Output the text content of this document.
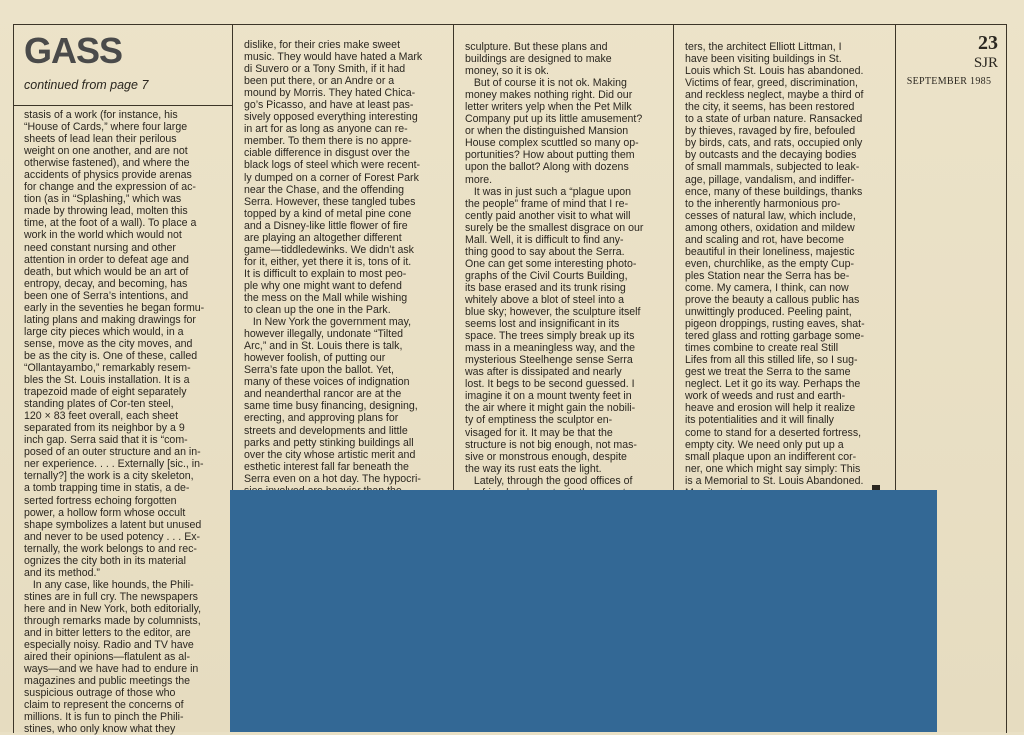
GASS
continued from page 7
stasis of a work (for instance, his
“House of Cards,” where four large
sheets of lead lean their perilous
weight on one another, and are not
otherwise fastened), and where the
accidents of physics provide arenas
for change and the expression of ac-
tion (as in “Splashing,” which was
made by throwing lead, molten this
time, at the foot of a wall). To place a
work in the world which would not
need constant nursing and other
attention in order to defeat age and
death, but which would be an art of
entropy, decay, and becoming, has
been one of Serra’s intentions, and
early in the seventies he began formu-
lating plans and making drawings for
large city pieces which would, in a
sense, move as the city moves, and
be as the city is. One of these, called
“Ollantayambo,” remarkably resem-
bles the St. Louis installation. It is a
trapezoid made of eight separately
standing plates of Cor-ten steel,
120 × 83 feet overall, each sheet
separated from its neighbor by a 9
inch gap. Serra said that it is “com-
posed of an outer structure and an in-
ner experience. . . . Externally [sic., in-
ternally?] the work is a city skeleton,
a tomb trapping time in statis, a de-
serted fortress echoing forgotten
power, a hollow form whose occult
shape symbolizes a latent but unused
and never to be used potency . . . Ex-
ternally, the work belongs to and rec-
ognizes the city both in its material
and its method.”
In any case, like hounds, the Phili-
stines are in full cry. The newspapers
here and in New York, both editorially,
through remarks made by columnists,
and in bitter letters to the editor, are
especially noisy. Radio and TV have
aired their opinions—flatulent as al-
ways—and we have had to endure in
magazines and public meetings the
suspicious outrage of those who
claim to represent the concerns of
millions. It is fun to pinch the Phili-
stines, who only know what they
dislike, for their cries make sweet
music. They would have hated a Mark
di Suvero or a Tony Smith, if it had
been put there, or an Andre or a
mound by Morris. They hated Chica-
go’s Picasso, and have at least pas-
sively opposed everything interesting
in art for as long as anyone can re-
member. To them there is no appre-
ciable difference in disgust over the
black logs of steel which were recent-
ly dumped on a corner of Forest Park
near the Chase, and the offending
Serra. However, these tangled tubes
topped by a kind of metal pine cone
and a Disney-like little flower of fire
are playing an altogether different
game—tiddledewinks. We didn’t ask
for it, either, yet there it is, tons of it.
It is difficult to explain to most peo-
ple why one might want to defend
the mess on the Mall while wishing
to clean up the one in the Park.
In New York the government may,
however illegally, undonate “Tilted
Arc,” and in St. Louis there is talk,
however foolish, of putting our
Serra’s fate upon the ballot. Yet,
many of these voices of indignation
and neanderthal rancor are at the
same time busy financing, designing,
erecting, and approving plans for
streets and developments and little
parks and petty stinking buildings all
over the city whose artistic merit and
esthetic interest fall far beneath the
Serra even on a hot day. The hypocri-

sculpture. But these plans and
buildings are designed to make
money, so it is ok.
But of course it is not ok. Making
money makes nothing right. Did our
letter writers yelp when the Pet Milk
Company put up its little amusement?
or when the distinguished Mansion
House complex scuttled so many op-
portunities? How about putting them
upon the ballot? Along with dozens
more.
It was in just such a “plague upon
the people” frame of mind that I re-
cently paid another visit to what will
surely be the smallest disgrace on our
Mall. Well, it is difficult to find any-
thing good to say about the Serra.
One can get some interesting photo-
graphs of the Civil Courts Building,
its base erased and its trunk rising
whitely above a blot of steel into a
blue sky; however, the sculpture itself
seems lost and insignificant in its
space. The trees simply break up its
mass in a meaningless way, and the
mysterious Steelhenge sense Serra
was after is dissipated and nearly
lost. It begs to be second guessed. I
imagine it on a mount twenty feet in
the air where it might gain the nobili-
ty of emptiness the sculptor en-
visaged for it. It may be that the
structure is not big enough, not mas-
sive or monstrous enough, despite
the way its rust eats the light.
Lately, through the good offices of

ters, the architect Elliott Littman, I
have been visiting buildings in St.
Louis which St. Louis has abandoned.
Victims of fear, greed, discrimination,
and reckless neglect, maybe a third of
the city, it seems, has been restored
to a state of urban nature. Ransacked
by thieves, ravaged by fire, befouled
by birds, cats, and rats, occupied only
by outcasts and the decaying bodies
of small mammals, subjected to leak-
age, pillage, vandalism, and indiffer-
ence, many of these buildings, thanks
to the inherently harmonious pro-
cesses of natural law, which include,
among others, oxidation and mildew
and scaling and rot, have become
beautiful in their loneliness, majestic
even, churchlike, as the empty Cup-
ples Station near the Serra has be-
come. My camera, I think, can now
prove the beauty a callous public has
unwittingly produced. Peeling paint,
pigeon droppings, rusting eaves, shat-
tered glass and rotting garbage some-
times combine to create real Still
Lifes from all this stilled life, so I sug-
gest we treat the Serra to the same
neglect. Let it go its way. Perhaps the
work of weeds and rust and earth-
heave and erosion will help it realize
its potentialities and it will finally
come to stand for a deserted fortress,
empty city. We need only put up a
small plaque upon an indifferent cor-
ner, one which might say simply: This
is a Memorial to St. Louis Abandoned.

23
SJR
SEPTEMBER 1985
